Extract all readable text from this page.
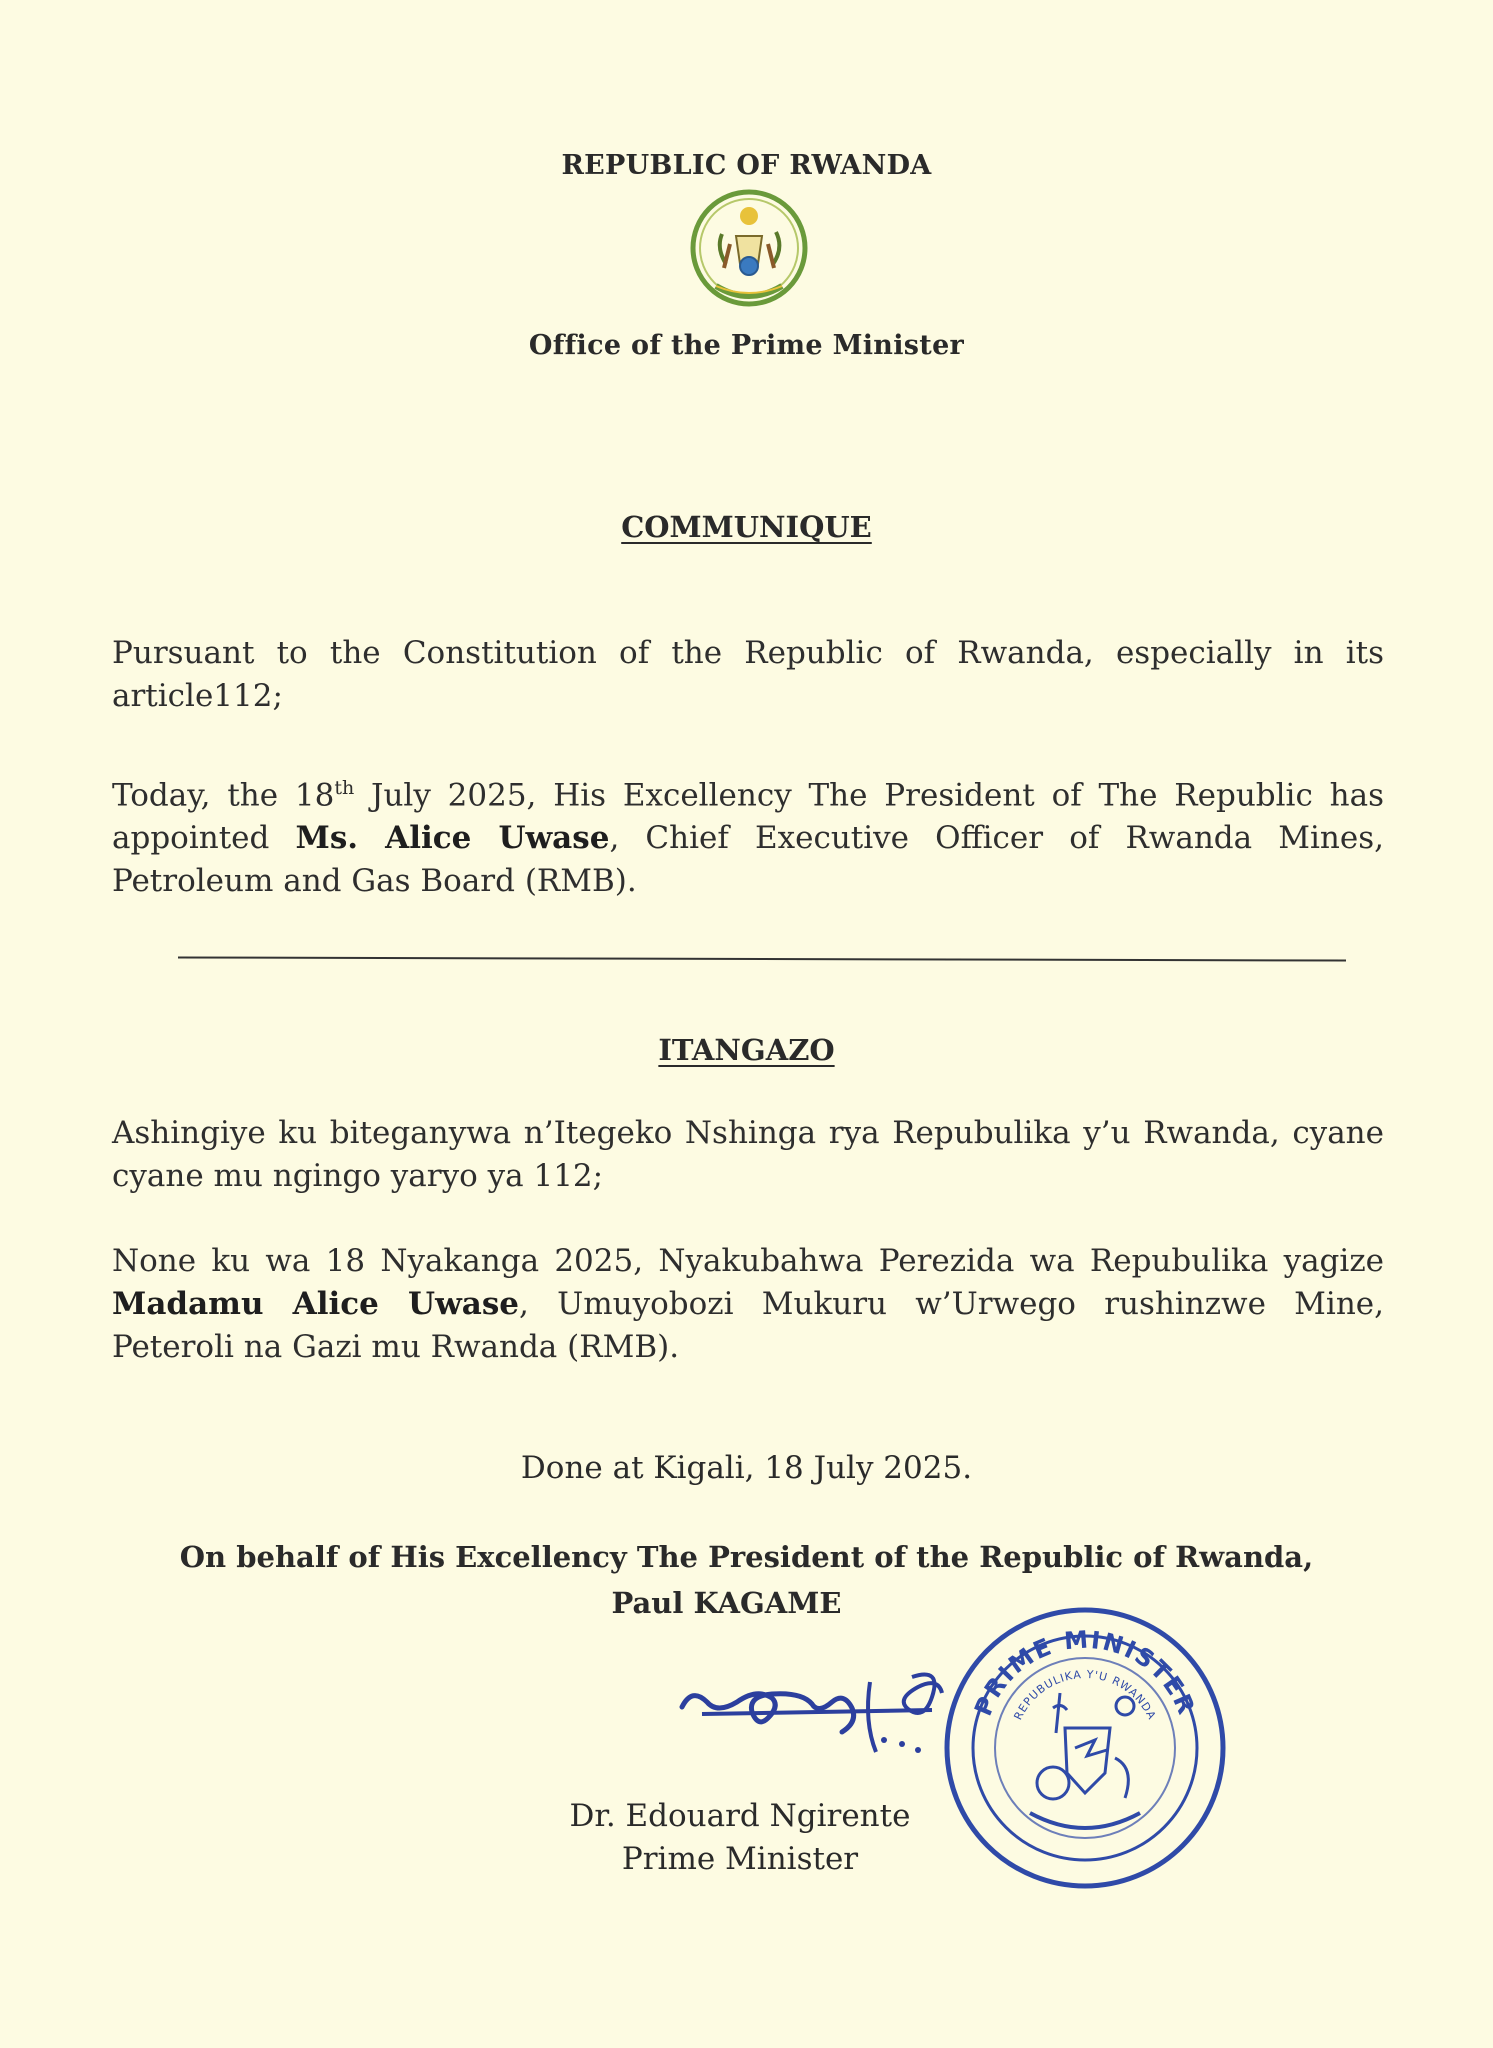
REPUBLIC OF RWANDA
Office of the Prime Minister
COMMUNIQUE
Pursuant to the Constitution of the Republic of Rwanda, especially in its article112;
Today, the 18th July 2025, His Excellency The President of The Republic has appointed Ms. Alice Uwase, Chief Executive Officer of Rwanda Mines, Petroleum and Gas Board (RMB).
ITANGAZO
Ashingiye ku biteganywa n’Itegeko Nshinga rya Repubulika y’u Rwanda, cyane cyane mu ngingo yaryo ya 112;
None ku wa 18 Nyakanga 2025, Nyakubahwa Perezida wa Repubulika yagize Madamu Alice Uwase, Umuyobozi Mukuru w’Urwego rushinzwe Mine, Peteroli na Gazi mu Rwanda (RMB).
Done at Kigali, 18 July 2025.
On behalf of His Excellency The President of the Republic of Rwanda,
Paul KAGAME
PRIME MINISTER
REPUBULIKA Y'U RWANDA
Dr. Edouard Ngirente
Prime Minister
